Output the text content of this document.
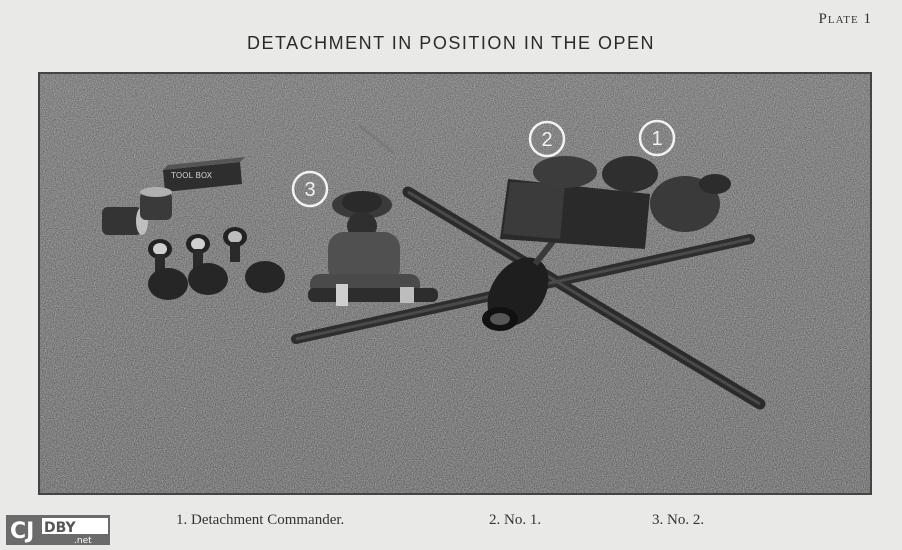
Plate 1
DETACHMENT IN POSITION IN THE OPEN
TOOL BOX
3
2	1
1. Detachment Commander.	2. No. 1.	3. No. 2.
CJ DBY
.net
